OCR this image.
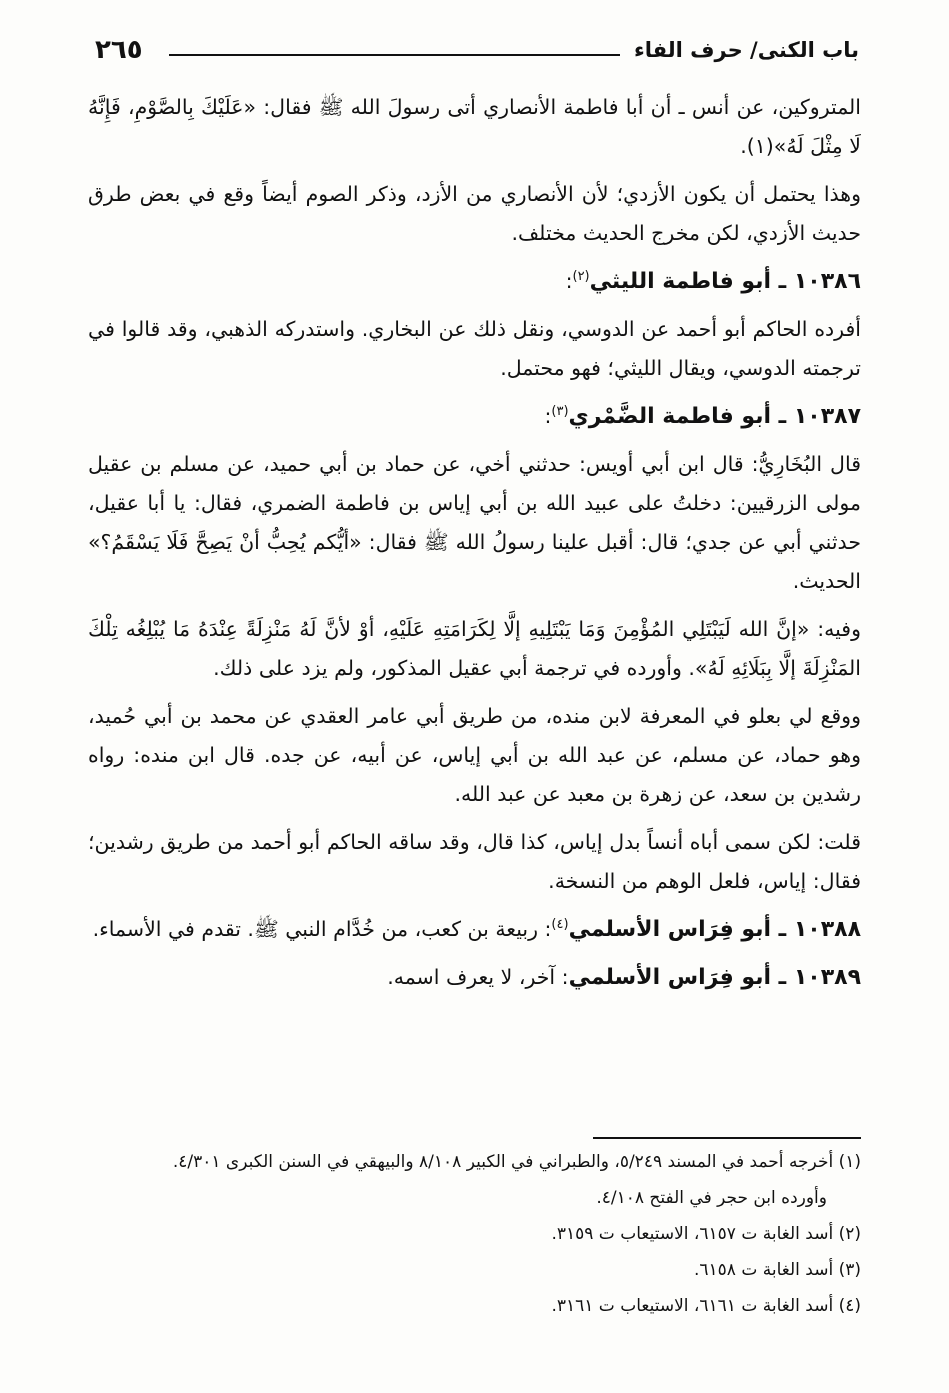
٢٦٥	باب الكنى/ حرف الفاء

المتروكين، عن أنس ـ أن أبا فاطمة الأنصاري أتى رسولَ الله ﷺ فقال: «عَلَيْكَ بِالصَّوْمِ، فَإِنَّهُ لَا مِثْلَ لَهُ»(١).

وهذا يحتمل أن يكون الأزدي؛ لأن الأنصاري من الأزد، وذكر الصوم أيضاً وقع في بعض طرق حديث الأزدي، لكن مخرج الحديث مختلف.

١٠٣٨٦ ـ أبو فاطمة الليثي$^{(٢)}$:

أفرده الحاكم أبو أحمد عن الدوسي، ونقل ذلك عن البخاري. واستدركه الذهبي، وقد قالوا في ترجمته الدوسي، ويقال الليثي؛ فهو محتمل.

١٠٣٨٧ ـ أبو فاطمة الضَّمْري$^{(٣)}$:

قال البُخَارِيُّ: قال ابن أبي أويس: حدثني أخي، عن حماد بن أبي حميد، عن مسلم بن عقيل مولى الزرقيين: دخلتُ على عبيد الله بن أبي إياس بن فاطمة الضمري، فقال: يا أبا عقيل، حدثني أبي عن جدي؛ قال: أقبل علينا رسولُ الله ﷺ فقال: «أيُّكم يُحِبُّ أنْ يَصِحَّ فَلَا يَسْقَمُ؟» الحديث.

وفيه: «إنَّ الله لَيَبْتَلِي المُؤْمِنَ وَمَا يَبْتَلِيهِ إلَّا لِكَرَامَتِهِ عَلَيْهِ، أوْ لأنَّ لَهُ مَنْزِلَةً عِنْدَهُ مَا يُبْلِغُه تِلْكَ المَنْزِلَةَ إلَّا بِبَلَائِهِ لَهُ». وأورده في ترجمة أبي عقيل المذكور، ولم يزد على ذلك.

ووقع لي بعلو في المعرفة لابن منده، من طريق أبي عامر العقدي عن محمد بن أبي حُميد، وهو حماد، عن مسلم، عن عبد الله بن أبي إياس، عن أبيه، عن جده. قال ابن منده: رواه رشدين بن سعد، عن زهرة بن معبد عن عبد الله.

قلت: لكن سمى أباه أنساً بدل إياس، كذا قال، وقد ساقه الحاكم أبو أحمد من طريق رشدين؛ فقال: إياس، فلعل الوهم من النسخة.

١٠٣٨٨ ـ أبو فِرَاس الأسلمي$^{(٤)}$: ربيعة بن كعب، من خُدَّام النبي ﷺ. تقدم في الأسماء.

١٠٣٨٩ ـ أبو فِرَاس الأسلمي: آخر، لا يعرف اسمه.

(١) أخرجه أحمد في المسند ٥/٢٤٩، والطبراني في الكبير ٨/١٠٨ والبيهقي في السنن الكبرى ٤/٣٠١.
وأورده ابن حجر في الفتح ٤/١٠٨.
(٢) أسد الغابة ت ٦١٥٧، الاستيعاب ت ٣١٥٩.
(٣) أسد الغابة ت ٦١٥٨.
(٤) أسد الغابة ت ٦١٦١، الاستيعاب ت ٣١٦١.
